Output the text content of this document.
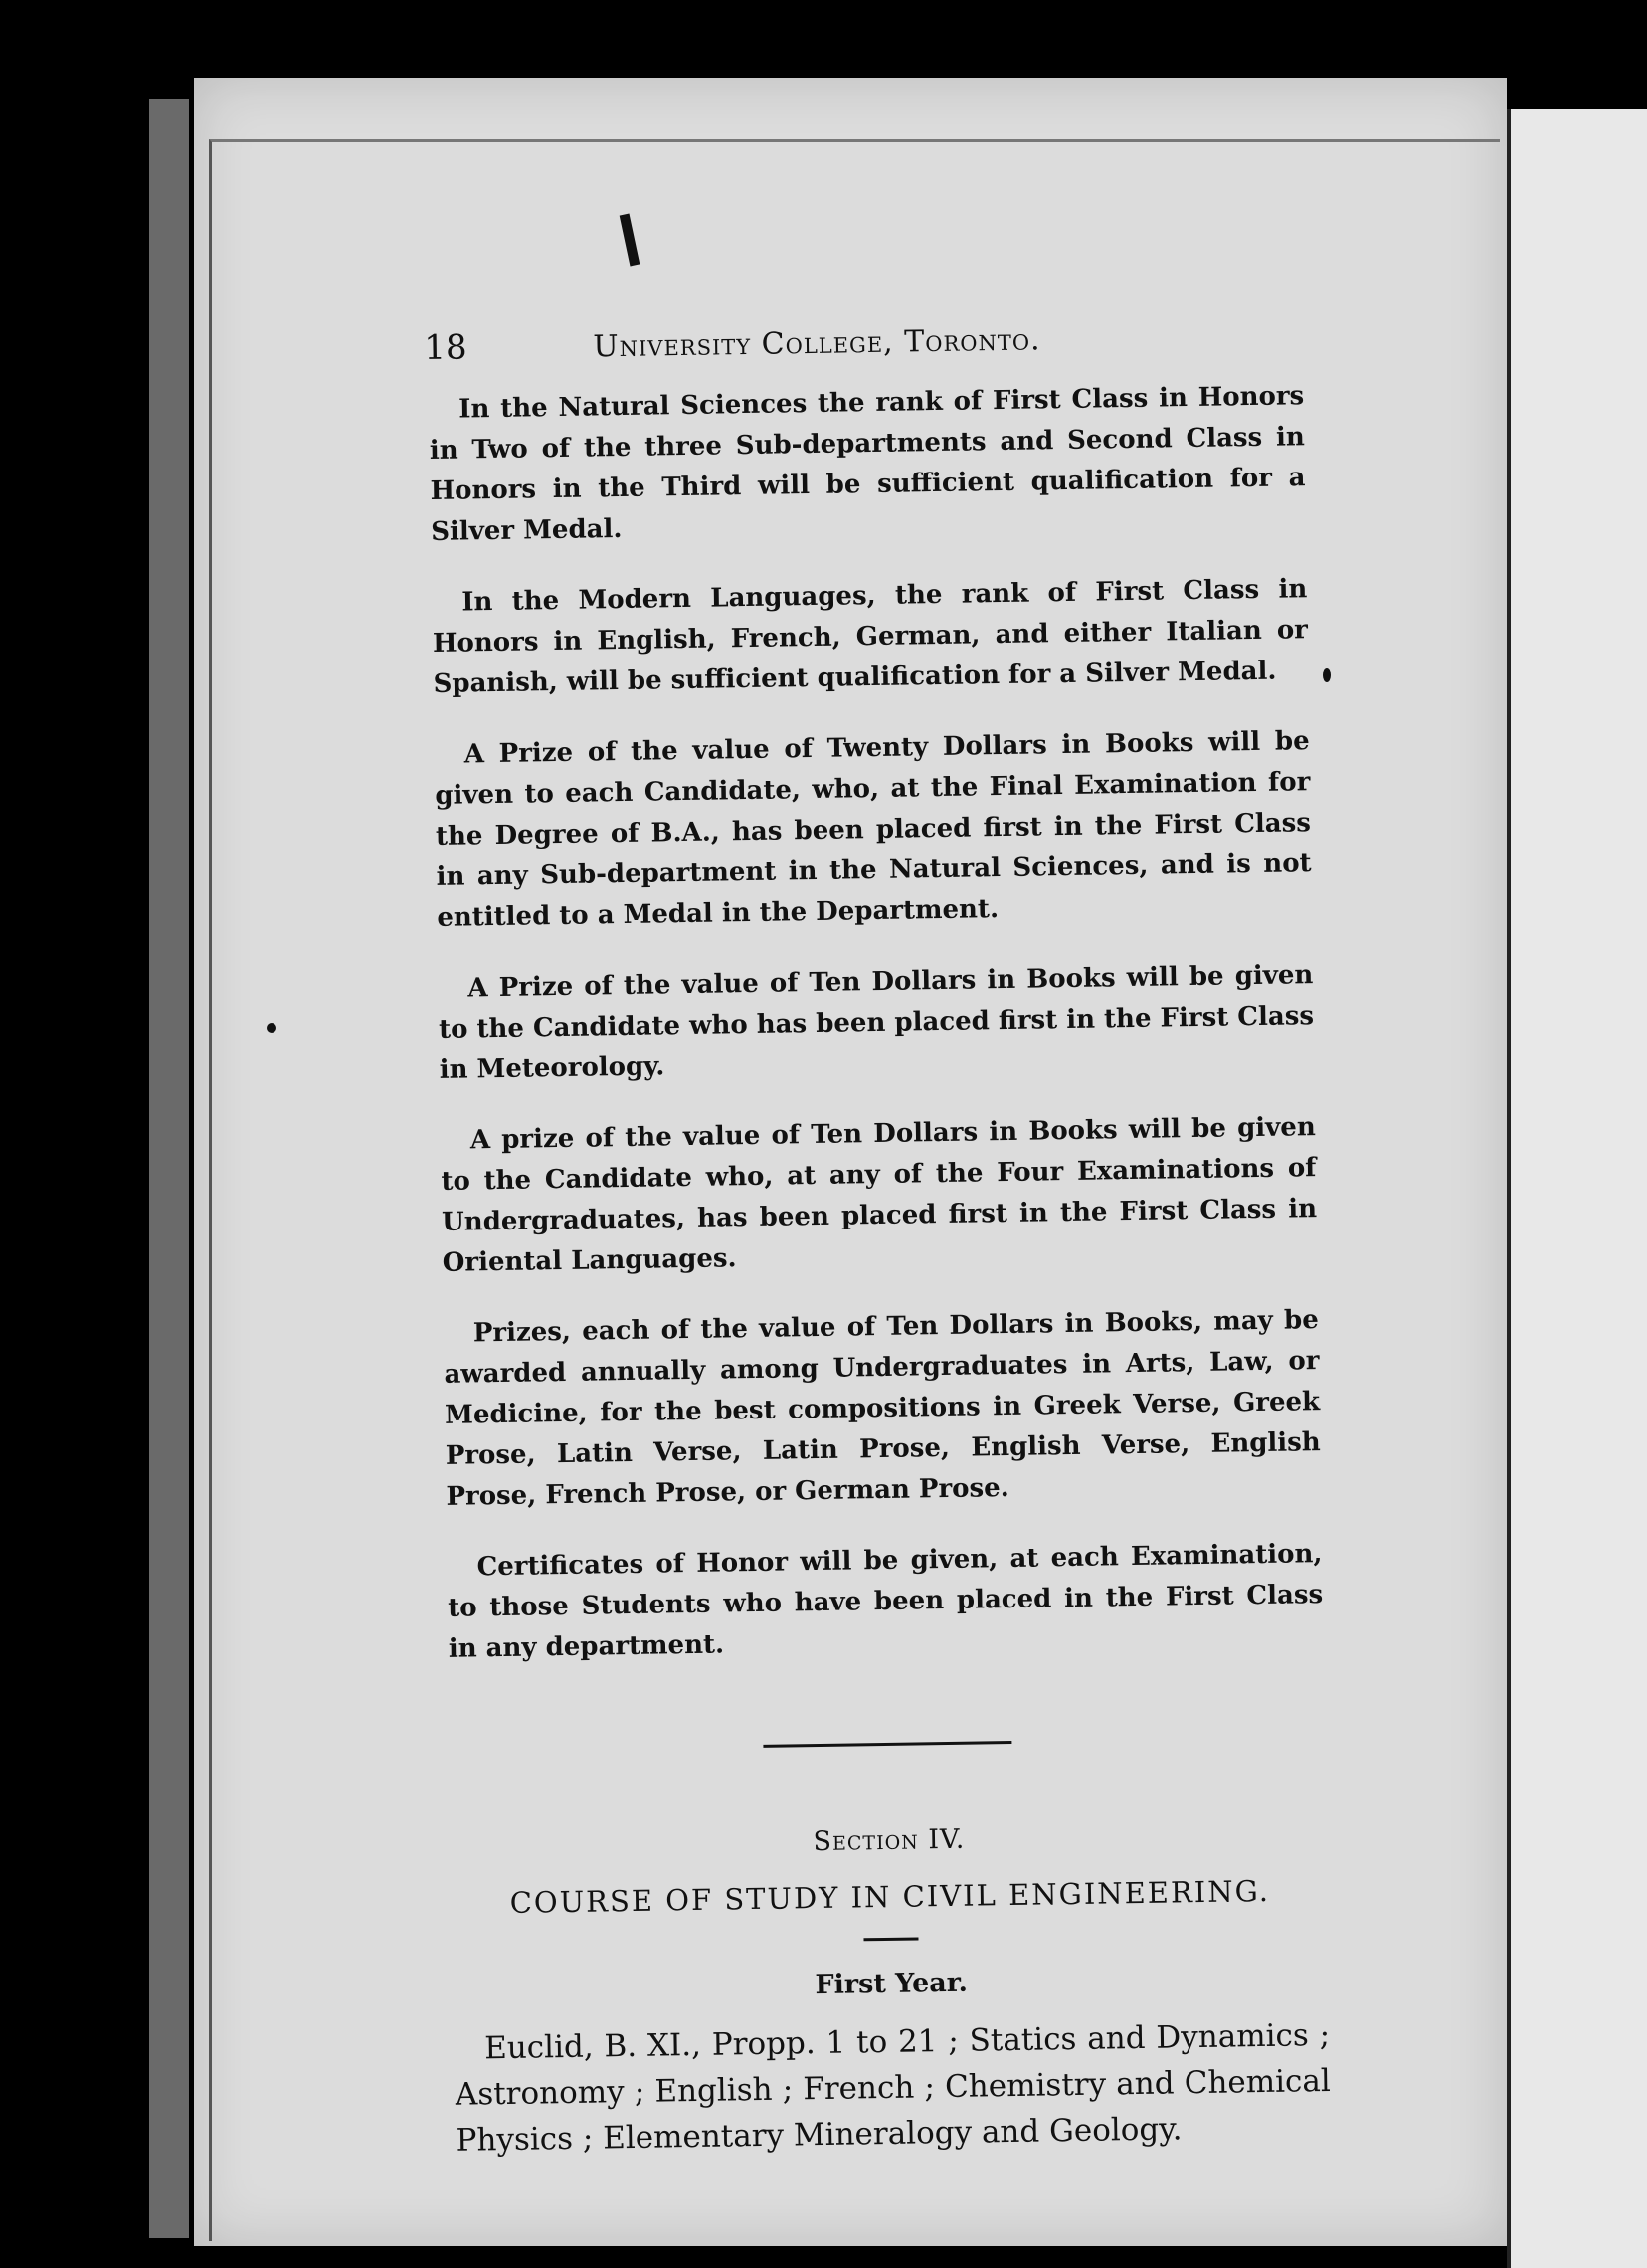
18	University College, Toronto.

In the Natural Sciences the rank of First Class in Honors in Two of the three Sub-departments and Second Class in Honors in the Third will be sufficient qualification for a Silver Medal.

In the Modern Languages, the rank of First Class in Honors in English, French, German, and either Italian or Spanish, will be sufficient qualification for a Silver Medal.

A Prize of the value of Twenty Dollars in Books will be given to each Candidate, who, at the Final Examination for the Degree of B.A., has been placed first in the First Class in any Sub-department in the Natural Sciences, and is not entitled to a Medal in the Department.

A Prize of the value of Ten Dollars in Books will be given to the Candidate who has been placed first in the First Class in Meteorology.

A prize of the value of Ten Dollars in Books will be given to the Candidate who, at any of the Four Examinations of Undergraduates, has been placed first in the First Class in Oriental Languages.

Prizes, each of the value of Ten Dollars in Books, may be awarded annually among Undergraduates in Arts, Law, or Medicine, for the best compositions in Greek Verse, Greek Prose, Latin Verse, Latin Prose, English Verse, English Prose, French Prose, or German Prose.

Certificates of Honor will be given, at each Examination, to those Students who have been placed in the First Class in any department.

Section IV.
COURSE OF STUDY IN CIVIL ENGINEERING.
First Year.

Euclid, B. XI., Propp. 1 to 21 ; Statics and Dynamics ; Astronomy ; English ; French ; Chemistry and Chemical Physics ; Elementary Mineralogy and Geology.
